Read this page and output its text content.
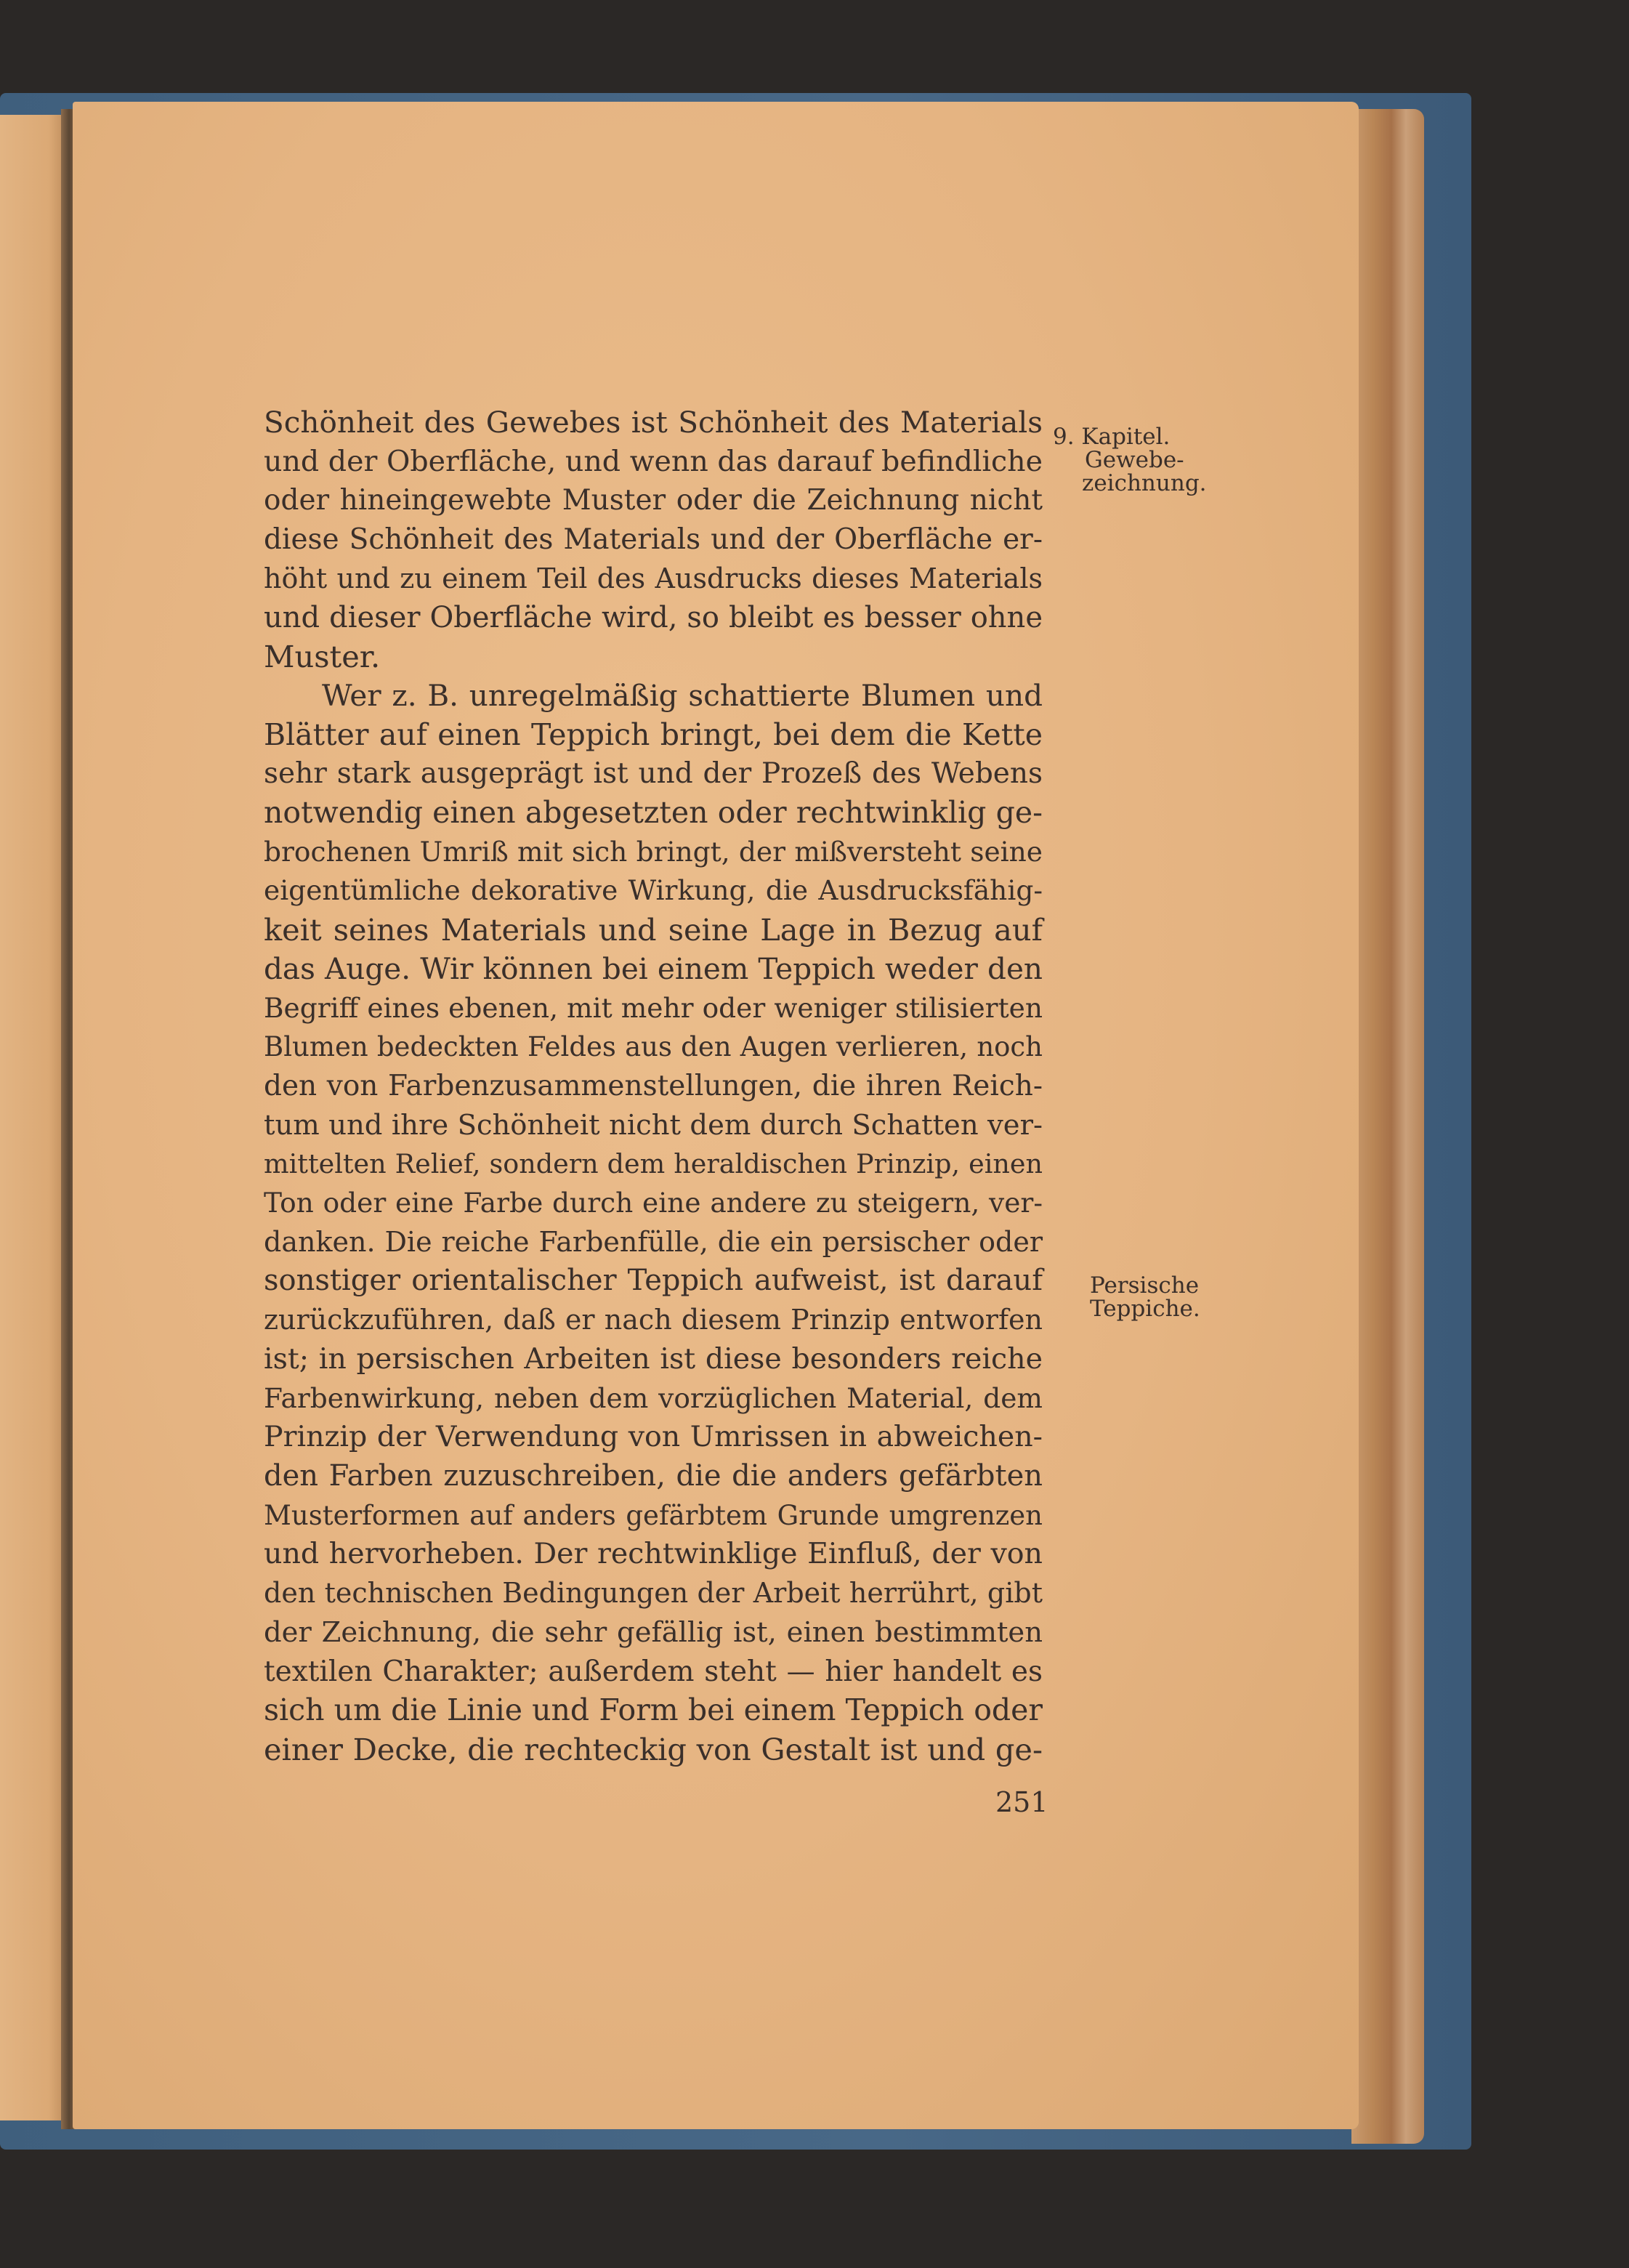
Schönheit des Gewebes ist Schönheit des Materials
und der Oberfläche, und wenn das darauf befindliche
oder hineingewebte Muster oder die Zeichnung nicht
diese Schönheit des Materials und der Oberfläche er-
höht und zu einem Teil des Ausdrucks dieses Materials
und dieser Oberfläche wird, so bleibt es besser ohne
Muster.
Wer z. B. unregelmäßig schattierte Blumen und
Blätter auf einen Teppich bringt, bei dem die Kette
sehr stark ausgeprägt ist und der Prozeß des Webens
notwendig einen abgesetzten oder rechtwinklig ge-
brochenen Umriß mit sich bringt, der mißversteht seine
eigentümliche dekorative Wirkung, die Ausdrucksfähig-
keit seines Materials und seine Lage in Bezug auf
das Auge. Wir können bei einem Teppich weder den
Begriff eines ebenen, mit mehr oder weniger stilisierten
Blumen bedeckten Feldes aus den Augen verlieren, noch
den von Farbenzusammenstellungen, die ihren Reich-
tum und ihre Schönheit nicht dem durch Schatten ver-
mittelten Relief, sondern dem heraldischen Prinzip, einen
Ton oder eine Farbe durch eine andere zu steigern, ver-
danken. Die reiche Farbenfülle, die ein persischer oder
sonstiger orientalischer Teppich aufweist, ist darauf
zurückzuführen, daß er nach diesem Prinzip entworfen
ist; in persischen Arbeiten ist diese besonders reiche
Farbenwirkung, neben dem vorzüglichen Material, dem
Prinzip der Verwendung von Umrissen in abweichen-
den Farben zuzuschreiben, die die anders gefärbten
Musterformen auf anders gefärbtem Grunde umgrenzen
und hervorheben. Der rechtwinklige Einfluß, der von
den technischen Bedingungen der Arbeit herrührt, gibt
der Zeichnung, die sehr gefällig ist, einen bestimmten
textilen Charakter; außerdem steht — hier handelt es
sich um die Linie und Form bei einem Teppich oder
einer Decke, die rechteckig von Gestalt ist und ge-
9. Kapitel.
Gewebe-
zeichnung.
Persische
Teppiche.
251
